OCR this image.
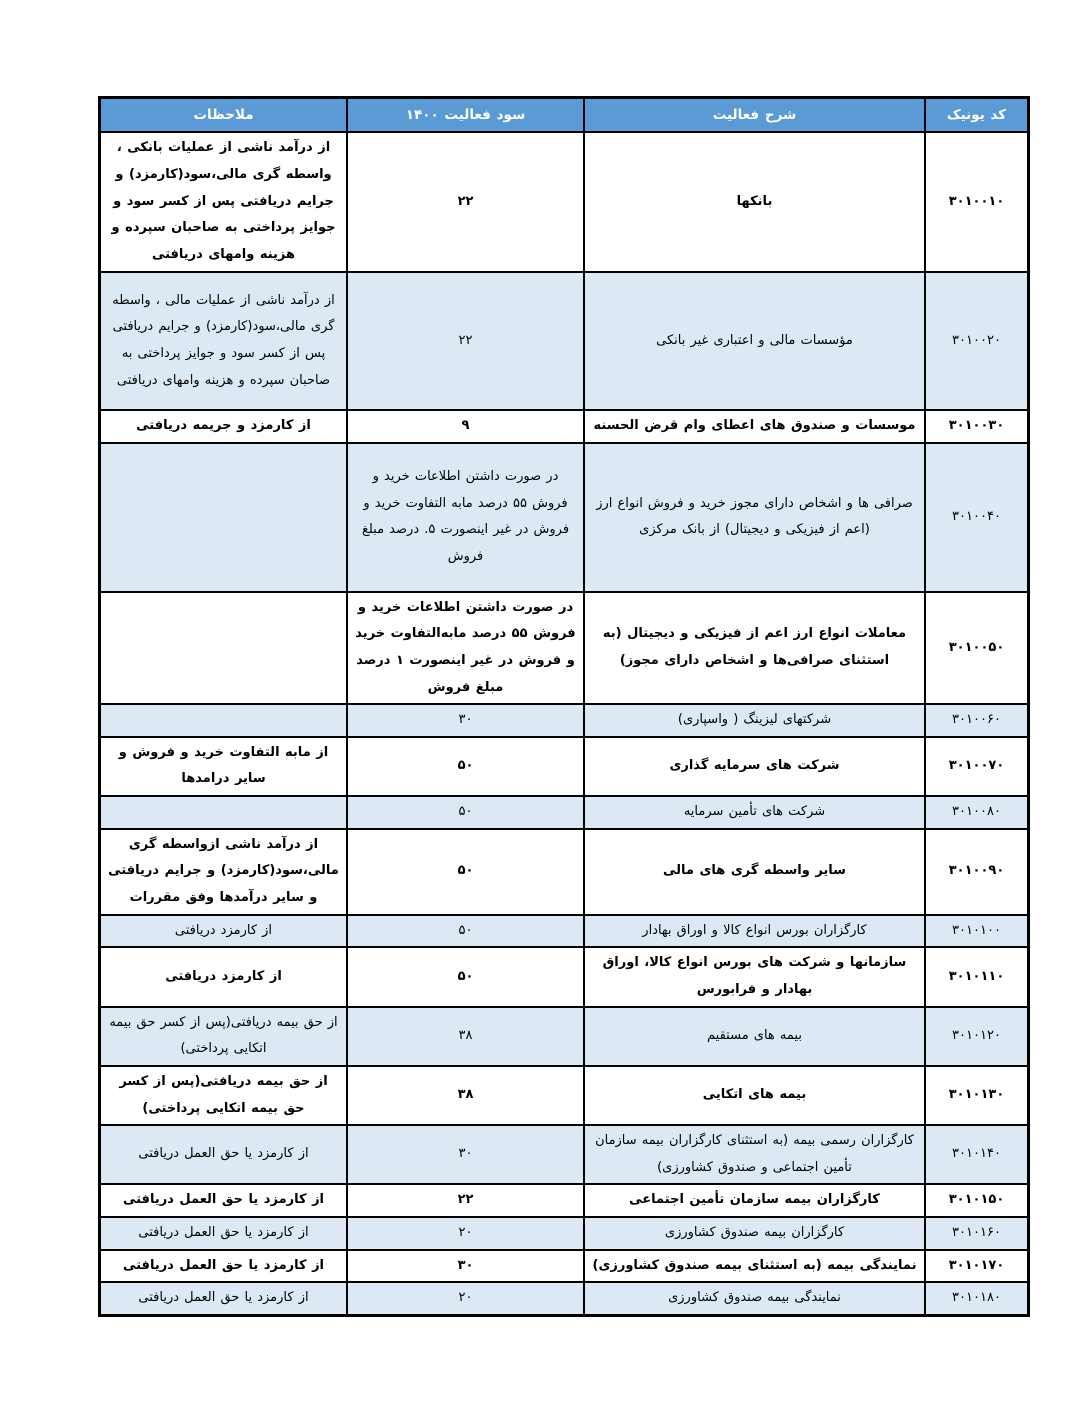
کد یونیک	شرح فعالیت	سود فعالیت ۱۴۰۰	ملاحظات
۳۰۱۰۰۱۰	بانکها	۲۲	از درآمد ناشی از عملیات بانکی ، واسطه گری مالی،سود(کارمزد) و جرایم دریافتی پس از کسر سود و جوایز پرداختی به صاحبان سپرده و هزینه وامهای دریافتی
۳۰۱۰۰۲۰	مؤسسات مالی و اعتباری غیر بانکی	۲۲	از درآمد ناشی از عملیات مالی ، واسطه گری مالی،سود(کارمزد) و جرایم دریافتی پس از کسر سود و جوایز پرداختی به صاحبان سپرده و هزینه وامهای دریافتی
۳۰۱۰۰۳۰	موسسات و صندوق های اعطای وام قرض الحسنه	۹	از کارمزد و جریمه دریافتی
۳۰۱۰۰۴۰	صرافی ها و اشخاص دارای مجوز خرید و فروش انواع ارز (اعم از فیزیکی و دیجیتال) از بانک مرکزی	در صورت داشتن اطلاعات خرید و فروش ۵۵ درصد مابه التفاوت خرید و فروش در غیر اینصورت ۵. درصد مبلغ فروش	
۳۰۱۰۰۵۰	معاملات انواع ارز اعم از فیزیکی و دیجیتال (به استثنای صرافی‌ها و اشخاص دارای مجوز)	در صورت داشتن اطلاعات خرید و فروش ۵۵ درصد مابه‌التفاوت خرید و فروش در غیر اینصورت ۱ درصد مبلغ فروش	
۳۰۱۰۰۶۰	شرکتهای لیزینگ ( واسپاری)	۳۰	
۳۰۱۰۰۷۰	شرکت های سرمایه گذاری	۵۰	از مابه التفاوت خرید و فروش و سایر درامدها
۳۰۱۰۰۸۰	شرکت های تأمین سرمایه	۵۰	
۳۰۱۰۰۹۰	سایر واسطه گری های مالی	۵۰	از درآمد ناشی ازواسطه گری مالی،سود(کارمزد) و جرایم دریافتی و سایر درآمدها وفق مقررات
۳۰۱۰۱۰۰	کارگزاران بورس انواع کالا و اوراق بهادار	۵۰	از کارمزد دریافتی
۳۰۱۰۱۱۰	سازمانها و شرکت های بورس انواع کالا، اوراق بهادار و فرابورس	۵۰	از کارمزد دریافتی
۳۰۱۰۱۲۰	بیمه های مستقیم	۳۸	از حق بیمه دریافتی(پس از کسر حق بیمه اتکایی پرداختی)
۳۰۱۰۱۳۰	بیمه های اتکایی	۳۸	از حق بیمه دریافتی(پس از کسر حق بیمه اتکایی پرداختی)
۳۰۱۰۱۴۰	کارگزاران رسمی بیمه (به استثنای کارگزاران بیمه سازمان تأمین اجتماعی و صندوق کشاورزی)	۳۰	از کارمزد یا حق العمل دریافتی
۳۰۱۰۱۵۰	کارگزاران بیمه سازمان تأمین اجتماعی	۲۲	از کارمزد یا حق العمل دریافتی
۳۰۱۰۱۶۰	کارگزاران بیمه صندوق کشاورزی	۲۰	از کارمزد یا حق العمل دریافتی
۳۰۱۰۱۷۰	نمایندگی بیمه (به استثنای بیمه صندوق کشاورزی)	۳۰	از کارمزد یا حق العمل دریافتی
۳۰۱۰۱۸۰	نمایندگی بیمه صندوق کشاورزی	۲۰	از کارمزد یا حق العمل دریافتی
